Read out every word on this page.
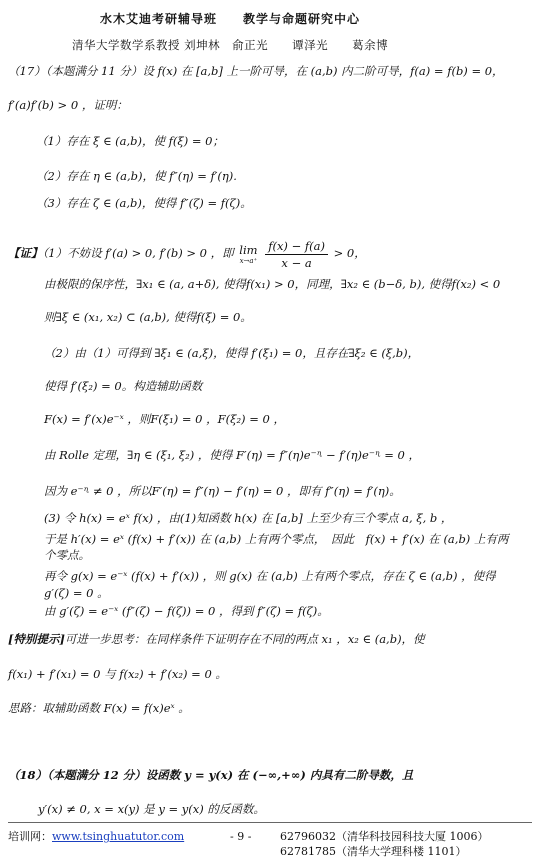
水木艾迪考研辅导班　　教学与命题研究中心
清华大学数学系教授 刘坤林　俞正光　　谭泽光　　葛余博
（17）（本题满分 11 分）设 f(x) 在 [a,b] 上一阶可导，在 (a,b) 内二阶可导，f(a) = f(b) = 0，
f′(a)f′(b) > 0 ，证明：
（1）存在 ξ ∈ (a,b)，使 f(ξ) = 0；
（2）存在 η ∈ (a,b)，使 f″(η) = f′(η).
（3）存在 ζ ∈ (a,b)，使得 f″(ζ) = f(ζ)。
【证】（1）不妨设 f′(a) > 0, f′(b) > 0 ，即 lim
x→a⁺
$\frac{f(x) - f(a)}{x - a} > 0$，
由极限的保序性，∃x₁ ∈ (a, a+δ), 使得f(x₁) > 0，同理，∃x₂ ∈ (b−δ, b), 使得f(x₂) < 0
则∃ξ ∈ (x₁, x₂) ⊂ (a,b), 使得f(ξ) = 0。
（2）由（1）可得到 ∃ξ₁ ∈ (a,ξ)，使得 f′(ξ₁) = 0，且存在∃ξ₂ ∈ (ξ,b)，
使得 f′(ξ₂) = 0。构造辅助函数
F(x) = f′(x)e⁻ˣ ，则F(ξ₁) = 0 ，F(ξ₂) = 0 ，
由 Rolle 定理，∃η ∈ (ξ₁, ξ₂) ，使得 F′(η) = f″(η)e⁻ᶯ − f′(η)e⁻ᶯ = 0 ，
因为 e⁻ᶯ ≠ 0 ，所以F′(η) = f″(η) − f′(η) = 0 ，即有 f″(η) = f′(η)。
(3) 令 h(x) = eˣ f(x) ，由(1)知函数 h(x) 在 [a,b] 上至少有三个零点 a, ξ, b ，
于是 h′(x) = eˣ (f(x) + f′(x)) 在 (a,b) 上有两个零点，　因此　f(x) + f′(x) 在 (a,b) 上有两
个零点。
再令 g(x) = e⁻ˣ (f(x) + f′(x)) ，则 g(x) 在 (a,b) 上有两个零点，存在 ζ ∈ (a,b) ，使得
g′(ζ) = 0 。
由 g′(ζ) = e⁻ˣ (f″(ζ) − f(ζ)) = 0 ，得到 f″(ζ) = f(ζ)。
[特别提示]可进一步思考：在同样条件下证明存在不同的两点 x₁ ，x₂ ∈ (a,b)，使
f(x₁) + f′(x₁) = 0 与 f(x₂) + f′(x₂) = 0 。
思路：取辅助函数 F(x) = f(x)eˣ 。
（18）（本题满分 12 分）设函数 y = y(x) 在 (−∞,+∞) 内具有二阶导数，且
y′(x) ≠ 0, x = x(y) 是 y = y(x) 的反函数。
培训网：www.tsinghuatutor.com	- 9 -	62796032（清华科技园科技大厦 1006）
62781785（清华大学理科楼 1101）
